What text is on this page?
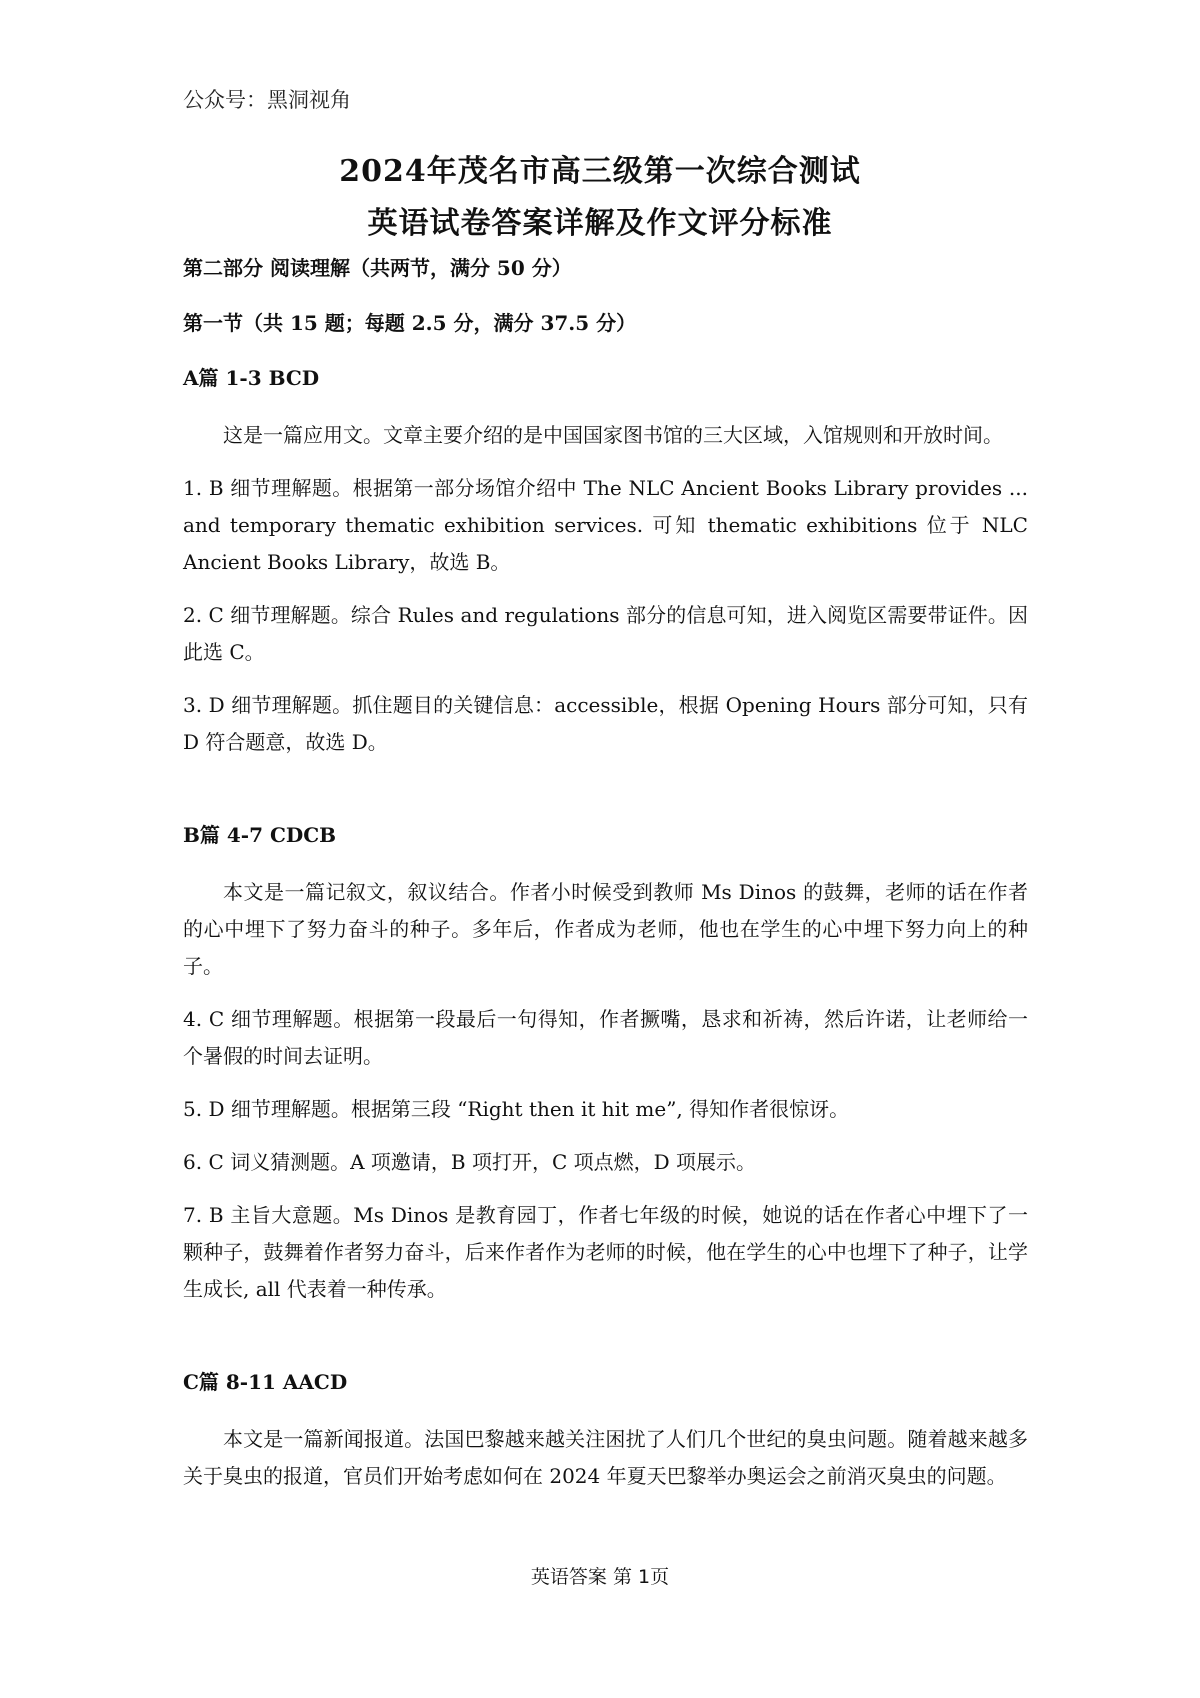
公众号：黑洞视角
2024年茂名市高三级第一次综合测试
英语试卷答案详解及作文评分标准
第二部分 阅读理解（共两节，满分 50 分）
第一节（共 15 题；每题 2.5 分，满分 37.5 分）
A篇 1-3 BCD

这是一篇应用文。文章主要介绍的是中国国家图书馆的三大区域，入馆规则和开放时间。

1. B 细节理解题。根据第一部分场馆介绍中 The NLC Ancient Books Library provides ... and temporary thematic exhibition services. 可知 thematic exhibitions 位于 NLC Ancient Books Library，故选 B。

2. C 细节理解题。综合 Rules and regulations 部分的信息可知，进入阅览区需要带证件。因此选 C。

3. D 细节理解题。抓住题目的关键信息：accessible，根据 Opening Hours 部分可知，只有 D 符合题意，故选 D。

B篇 4-7 CDCB

本文是一篇记叙文，叙议结合。作者小时候受到教师 Ms Dinos 的鼓舞，老师的话在作者的心中埋下了努力奋斗的种子。多年后，作者成为老师，他也在学生的心中埋下努力向上的种子。

4. C 细节理解题。根据第一段最后一句得知，作者撅嘴，恳求和祈祷，然后许诺，让老师给一个暑假的时间去证明。

5. D 细节理解题。根据第三段 “Right then it hit me”, 得知作者很惊讶。

6. C 词义猜测题。A 项邀请，B 项打开，C 项点燃，D 项展示。

7. B 主旨大意题。Ms Dinos 是教育园丁，作者七年级的时候，她说的话在作者心中埋下了一颗种子，鼓舞着作者努力奋斗，后来作者作为老师的时候，他在学生的心中也埋下了种子，让学生成长, all 代表着一种传承。

C篇 8-11 AACD

本文是一篇新闻报道。法国巴黎越来越关注困扰了人们几个世纪的臭虫问题。随着越来越多关于臭虫的报道，官员们开始考虑如何在 2024 年夏天巴黎举办奥运会之前消灭臭虫的问题。

英语答案 第 1页
